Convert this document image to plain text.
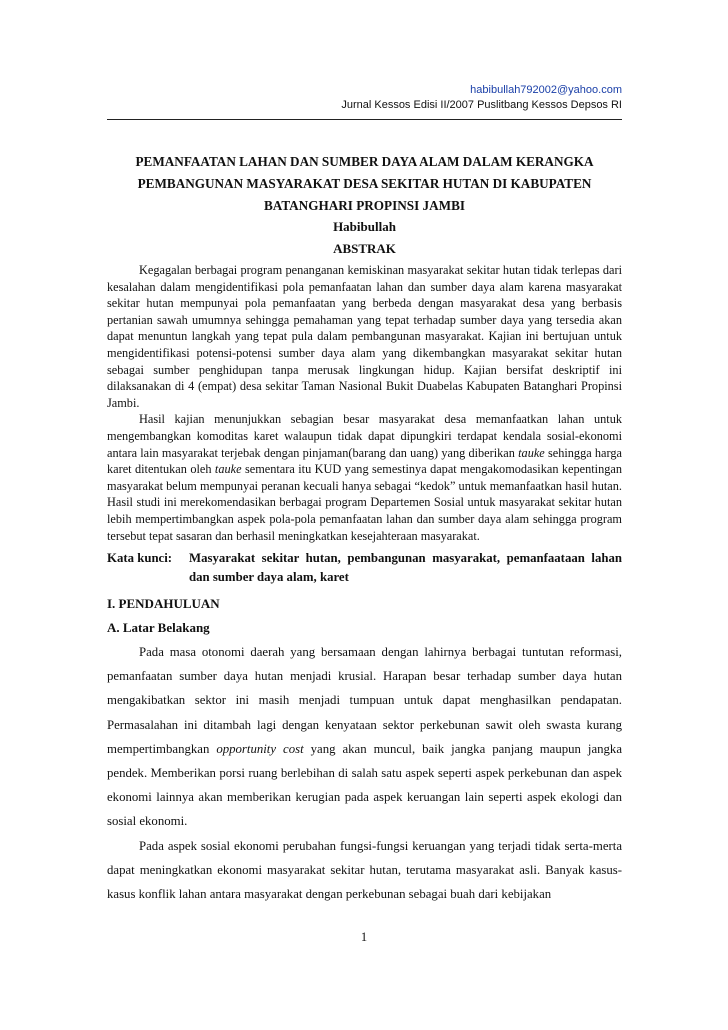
habibullah792002@yahoo.com
Jurnal Kessos Edisi II/2007 Puslitbang Kessos Depsos RI
PEMANFAATAN LAHAN DAN SUMBER DAYA ALAM DALAM KERANGKA
PEMBANGUNAN MASYARAKAT DESA SEKITAR HUTAN DI KABUPATEN
BATANGHARI PROPINSI JAMBI
Habibullah
ABSTRAK

Kegagalan berbagai program penanganan kemiskinan masyarakat sekitar hutan tidak terlepas dari kesalahan dalam mengidentifikasi pola pemanfaatan lahan dan sumber daya alam karena masyarakat sekitar hutan mempunyai pola pemanfaatan yang berbeda dengan masyarakat desa yang berbasis pertanian sawah umumnya sehingga pemahaman yang tepat terhadap sumber daya yang tersedia akan dapat menuntun langkah yang tepat pula dalam pembangunan masyarakat. Kajian ini bertujuan untuk mengidentifikasi potensi-potensi sumber daya alam yang dikembangkan masyarakat sekitar hutan sebagai sumber penghidupan tanpa merusak lingkungan hidup. Kajian bersifat deskriptif ini dilaksanakan di 4 (empat) desa sekitar Taman Nasional Bukit Duabelas Kabupaten Batanghari Propinsi Jambi.

Hasil kajian menunjukkan sebagian besar masyarakat desa memanfaatkan lahan untuk mengembangkan komoditas karet walaupun tidak dapat dipungkiri terdapat kendala sosial-ekonomi antara lain masyarakat terjebak dengan pinjaman(barang dan uang) yang diberikan tauke sehingga harga karet ditentukan oleh tauke sementara itu KUD yang semestinya dapat mengakomodasikan kepentingan masyarakat belum mempunyai peranan kecuali hanya sebagai “kedok” untuk memanfaatkan hasil hutan. Hasil studi ini merekomendasikan berbagai program Departemen Sosial untuk masyarakat sekitar hutan lebih mempertimbangkan aspek pola-pola pemanfaatan lahan dan sumber daya alam sehingga program tersebut tepat sasaran dan berhasil meningkatkan kesejahteraan masyarakat.

Kata kunci: Masyarakat sekitar hutan, pembangunan masyarakat, pemanfaataan lahan dan sumber daya alam, karet
I. PENDAHULUAN
A. Latar Belakang

Pada masa otonomi daerah yang bersamaan dengan lahirnya berbagai tuntutan reformasi, pemanfaatan sumber daya hutan menjadi krusial. Harapan besar terhadap sumber daya hutan mengakibatkan sektor ini masih menjadi tumpuan untuk dapat menghasilkan pendapatan. Permasalahan ini ditambah lagi dengan kenyataan sektor perkebunan sawit oleh swasta kurang mempertimbangkan opportunity cost yang akan muncul, baik jangka panjang maupun jangka pendek. Memberikan porsi ruang berlebihan di salah satu aspek seperti aspek perkebunan dan aspek ekonomi lainnya akan memberikan kerugian pada aspek keruangan lain seperti aspek ekologi dan sosial ekonomi.

Pada aspek sosial ekonomi perubahan fungsi-fungsi keruangan yang terjadi tidak serta-merta dapat meningkatkan ekonomi masyarakat sekitar hutan, terutama masyarakat asli. Banyak kasus-kasus konflik lahan antara masyarakat dengan perkebunan sebagai buah dari kebijakan

1
